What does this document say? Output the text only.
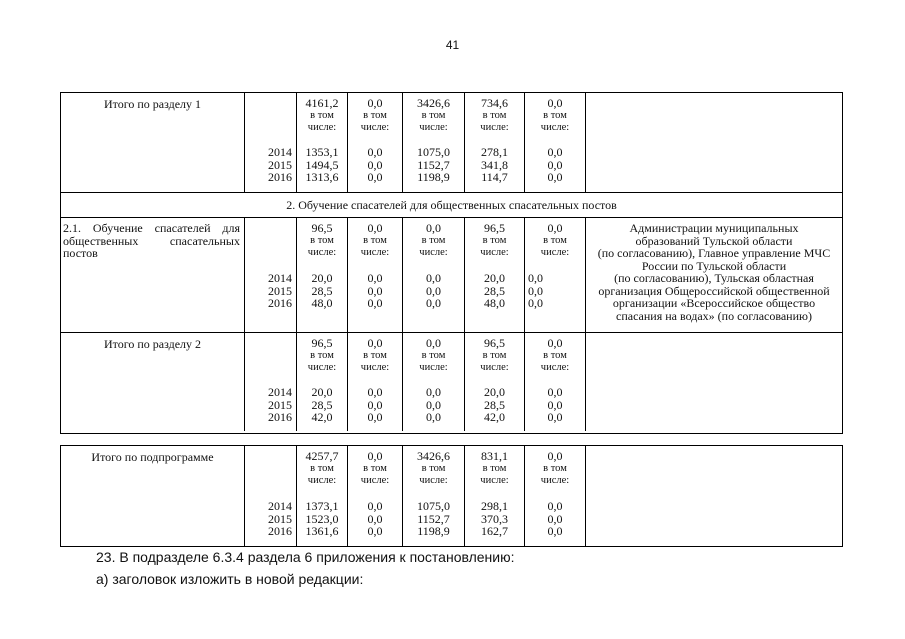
41
Итого по разделу 1
2014
2015
2016
4161,2
в том
числе:
1353,1
1494,5
1313,6
0,0
в том
числе:
0,0
0,0
0,0
3426,6
в том
числе:
1075,0
1152,7
1198,9
734,6
в том
числе:
278,1
341,8
114,7
0,0
в том
числе:
0,0
0,0
0,0
2. Обучение спасателей для общественных спасательных постов
2.1. Обучение спасателей для
общественных спасательных
постов
2014
2015
2016
96,5
в том
числе:
20,0
28,5
48,0
0,0
в том
числе:
0,0
0,0
0,0
0,0
в том
числе:
0,0
0,0
0,0
96,5
в том
числе:
20,0
28,5
48,0
0,0
в том
числе:
0,0
0,0
0,0
Администрации муниципальных
образований Тульской области
(по согласованию), Главное управление МЧС
России по Тульской области
(по согласованию), Тульская областная
организация Общероссийской общественной
организации «Всероссийское общество
спасания на водах» (по согласованию)
Итого по разделу 2
2014
2015
2016
96,5
в том
числе:
20,0
28,5
42,0
0,0
в том
числе:
0,0
0,0
0,0
0,0
в том
числе:
0,0
0,0
0,0
96,5
в том
числе:
20,0
28,5
42,0
0,0
в том
числе:
0,0
0,0
0,0
Итого по подпрограмме
2014
2015
2016
4257,7
в том
числе:
1373,1
1523,0
1361,6
0,0
в том
числе:
0,0
0,0
0,0
3426,6
в том
числе:
1075,0
1152,7
1198,9
831,1
в том
числе:
298,1
370,3
162,7
0,0
в том
числе:
0,0
0,0
0,0
23. В подразделе 6.3.4 раздела 6 приложения к постановлению:
а) заголовок изложить в новой редакции:
